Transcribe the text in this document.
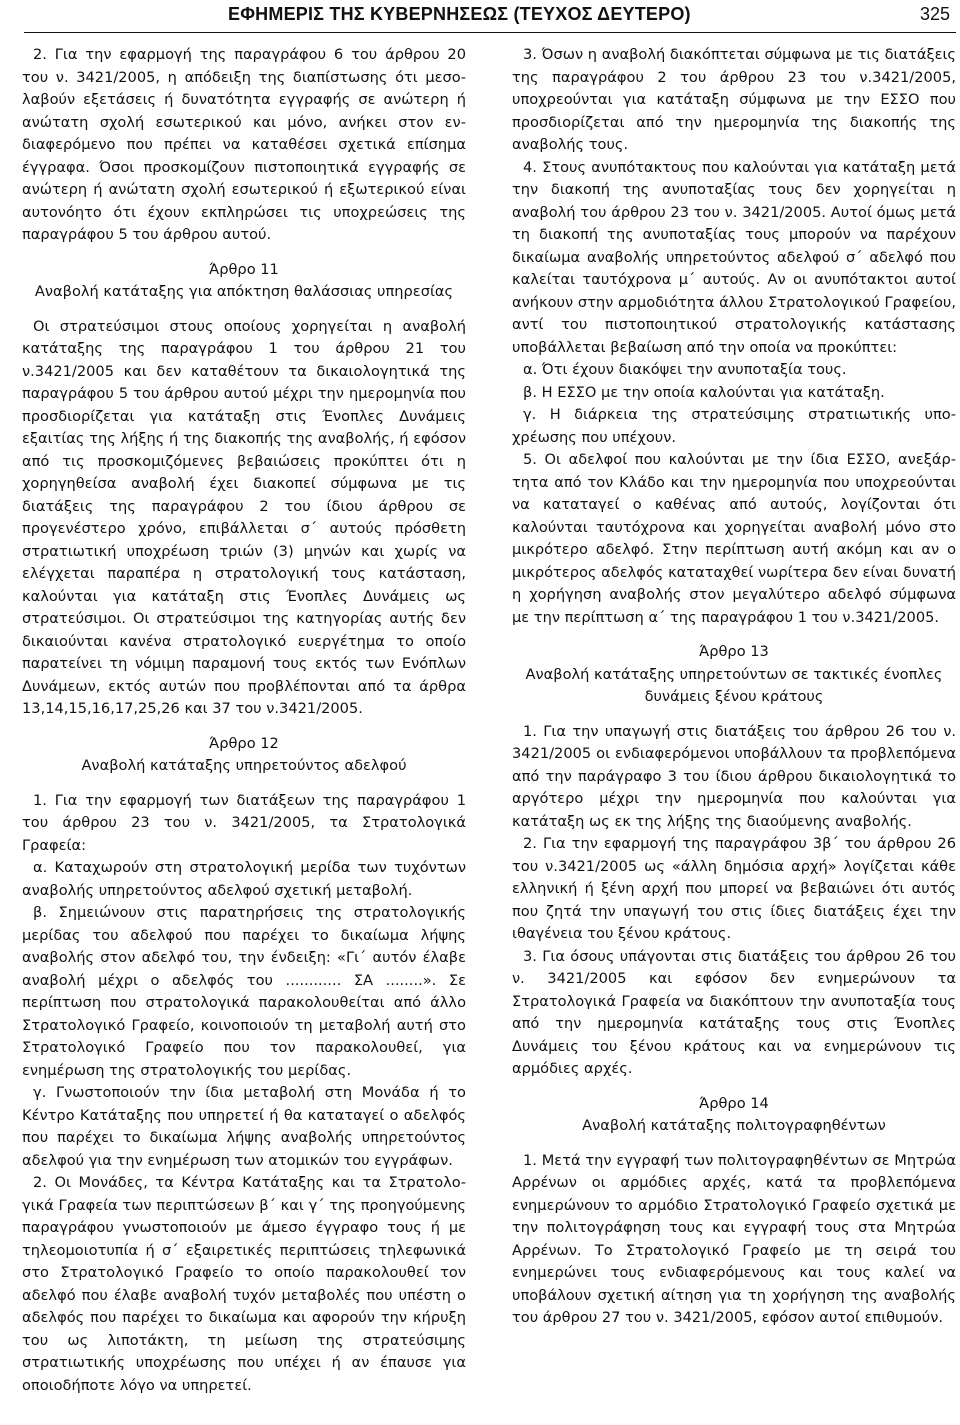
ΕΦΗΜΕΡΙΣ ΤΗΣ ΚΥΒΕΡΝΗΣΕΩΣ (ΤΕΥΧΟΣ ΔΕΥΤΕΡΟ)	325

2. Για την εφαρμογή της παραγράφου 6 του άρθρου 20 του ν. 3421/2005, η απόδειξη της διαπίστωσης ότι μεσολαβούν εξετάσεις ή δυνατότητα εγγραφής σε ανώτερη ή ανώτατη σχολή εσωτερικού και μόνο, ανήκει στον ενδιαφερόμενο που πρέπει να καταθέσει σχετικά επίσημα έγγραφα. Όσοι προσκομίζουν πιστοποιητικά εγγραφής σε ανώτερη ή ανώτατη σχολή εσωτερικού ή εξωτερικού είναι αυτονόητο ότι έχουν εκπληρώσει τις υποχρεώσεις της παραγράφου 5 του άρθρου αυτού.

Άρθρο 11

Αναβολή κατάταξης για απόκτηση θαλάσσιας υπηρεσίας

Οι στρατεύσιμοι στους οποίους χορηγείται η αναβολή κατάταξης της παραγράφου 1 του άρθρου 21 του ν.3421/2005 και δεν καταθέτουν τα δικαιολογητικά της παραγράφου 5 του άρθρου αυτού μέχρι την ημερομηνία που προσδιορίζεται για κατάταξη στις Ένοπλες Δυνάμεις εξαιτίας της λήξης ή της διακοπής της αναβολής, ή εφόσον από τις προσκομιζόμενες βεβαιώσεις προκύπτει ότι η χορηγηθείσα αναβολή έχει διακοπεί σύμφωνα με τις διατάξεις της παραγράφου 2 του ίδιου άρθρου σε προγενέστερο χρόνο, επιβάλλεται σ΄ αυτούς πρόσθετη στρατιωτική υποχρέωση τριών (3) μηνών και χωρίς να ελέγχεται παραπέρα η στρατολογική τους κατάσταση, καλούνται για κατάταξη στις Ένοπλες Δυνάμεις ως στρατεύσιμοι. Οι στρατεύσιμοι της κατηγορίας αυτής δεν δικαιούνται κανένα στρατολογικό ευεργέτημα το οποίο παρατείνει τη νόμιμη παραμονή τους εκτός των Ενόπλων Δυνάμεων, εκτός αυτών που προβλέπονται από τα άρθρα 13,14,15,16,17,25,26 και 37 του ν.3421/2005.

Άρθρο 12

Αναβολή κατάταξης υπηρετούντος αδελφού

1. Για την εφαρμογή των διατάξεων της παραγράφου 1 του άρθρου 23 του ν. 3421/2005, τα Στρατολογικά Γραφεία:

α. Καταχωρούν στη στρατολογική μερίδα των τυχόντων αναβολής υπηρετούντος αδελφού σχετική μεταβολή.

β. Σημειώνουν στις παρατηρήσεις της στρατολογικής μερίδας του αδελφού που παρέχει το δικαίωμα λήψης αναβολής στον αδελφό του, την ένδειξη: «Γι΄ αυτόν έλαβε αναβολή μέχρι ο αδελφός του ............ ΣΑ ........». Σε περίπτωση που στρατολογικά παρακολουθείται από άλλο Στρατολογικό Γραφείο, κοινοποιούν τη μεταβολή αυτή στο Στρατολογικό Γραφείο που τον παρακολουθεί, για ενημέρωση της στρατολογικής του μερίδας.

γ. Γνωστοποιούν την ίδια μεταβολή στη Μονάδα ή το Κέντρο Κατάταξης που υπηρετεί ή θα καταταγεί ο αδελφός που παρέχει το δικαίωμα λήψης αναβολής υπηρετούντος αδελφού για την ενημέρωση των ατομικών του εγγράφων.

2. Οι Μονάδες, τα Κέντρα Κατάταξης και τα Στρατολογικά Γραφεία των περιπτώσεων β΄ και γ΄ της προηγούμενης παραγράφου γνωστοποιούν με άμεσο έγγραφο τους ή με τηλεομοιοτυπία ή σ΄ εξαιρετικές περιπτώσεις τηλεφωνικά στο Στρατολογικό Γραφείο το οποίο παρακολουθεί τον αδελφό που έλαβε αναβολή τυχόν μεταβολές που υπέστη ο αδελφός που παρέχει το δικαίωμα και αφορούν την κήρυξη του ως λιποτάκτη, τη μείωση της στρατεύσιμης στρατιωτικής υποχρέωσης που υπέχει ή αν έπαυσε για οποιοδήποτε λόγο να υπηρετεί.

3. Όσων η αναβολή διακόπτεται σύμφωνα με τις διατάξεις της παραγράφου 2 του άρθρου 23 του ν.3421/2005, υποχρεούνται για κατάταξη σύμφωνα με την ΕΣΣΟ που προσδιορίζεται από την ημερομηνία της διακοπής της αναβολής τους.

4. Στους ανυπότακτους που καλούνται για κατάταξη μετά την διακοπή της ανυποταξίας τους δεν χορηγείται η αναβολή του άρθρου 23 του ν. 3421/2005. Αυτοί όμως μετά τη διακοπή της ανυποταξίας τους μπορούν να παρέχουν δικαίωμα αναβολής υπηρετούντος αδελφού σ΄ αδελφό που καλείται ταυτόχρονα μ΄ αυτούς. Αν οι ανυπότακτοι αυτοί ανήκουν στην αρμοδιότητα άλλου Στρατολογικού Γραφείου, αντί του πιστοποιητικού στρατολογικής κατάστασης υποβάλλεται βεβαίωση από την οποία να προκύπτει:

α. Ότι έχουν διακόψει την ανυποταξία τους.

β. Η ΕΣΣΟ με την οποία καλούνται για κατάταξη.

γ. Η διάρκεια της στρατεύσιμης στρατιωτικής υποχρέωσης που υπέχουν.

5. Οι αδελφοί που καλούνται με την ίδια ΕΣΣΟ, ανεξάρτητα από τον Κλάδο και την ημερομηνία που υποχρεούνται να καταταγεί ο καθένας από αυτούς, λογίζονται ότι καλούνται ταυτόχρονα και χορηγείται αναβολή μόνο στο μικρότερο αδελφό. Στην περίπτωση αυτή ακόμη και αν ο μικρότερος αδελφός καταταχθεί νωρίτερα δεν είναι δυνατή η χορήγηση αναβολής στον μεγαλύτερο αδελφό σύμφωνα με την περίπτωση α΄ της παραγράφου 1 του ν.3421/2005.

Άρθρο 13

Αναβολή κατάταξης υπηρετούντων σε τακτικές ένοπλες δυνάμεις ξένου κράτους

1. Για την υπαγωγή στις διατάξεις του άρθρου 26 του ν. 3421/2005 οι ενδιαφερόμενοι υποβάλλουν τα προβλεπόμενα από την παράγραφο 3 του ίδιου άρθρου δικαιολογητικά το αργότερο μέχρι την ημερομηνία που καλούνται για κατάταξη ως εκ της λήξης της διαούμενης αναβολής.

2. Για την εφαρμογή της παραγράφου 3β΄ του άρθρου 26 του ν.3421/2005 ως «άλλη δημόσια αρχή» λογίζεται κάθε ελληνική ή ξένη αρχή που μπορεί να βεβαιώνει ότι αυτός που ζητά την υπαγωγή του στις ίδιες διατάξεις έχει την ιθαγένεια του ξένου κράτους.

3. Για όσους υπάγονται στις διατάξεις του άρθρου 26 του ν. 3421/2005 και εφόσον δεν ενημερώνουν τα Στρατολογικά Γραφεία να διακόπτουν την ανυποταξία τους από την ημερομηνία κατάταξης τους στις Ένοπλες Δυνάμεις του ξένου κράτους και να ενημερώνουν τις αρμόδιες αρχές.

Άρθρο 14

Αναβολή κατάταξης πολιτογραφηθέντων

1. Μετά την εγγραφή των πολιτογραφηθέντων σε Μητρώα Αρρένων οι αρμόδιες αρχές, κατά τα προβλεπόμενα ενημερώνουν το αρμόδιο Στρατολογικό Γραφείο σχετικά με την πολιτογράφηση τους και εγγραφή τους στα Μητρώα Αρρένων. Το Στρατολογικό Γραφείο με τη σειρά του ενημερώνει τους ενδιαφερόμενους και τους καλεί να υποβάλουν σχετική αίτηση για τη χορήγηση της αναβολής του άρθρου 27 του ν. 3421/2005, εφόσον αυτοί επιθυμούν.
